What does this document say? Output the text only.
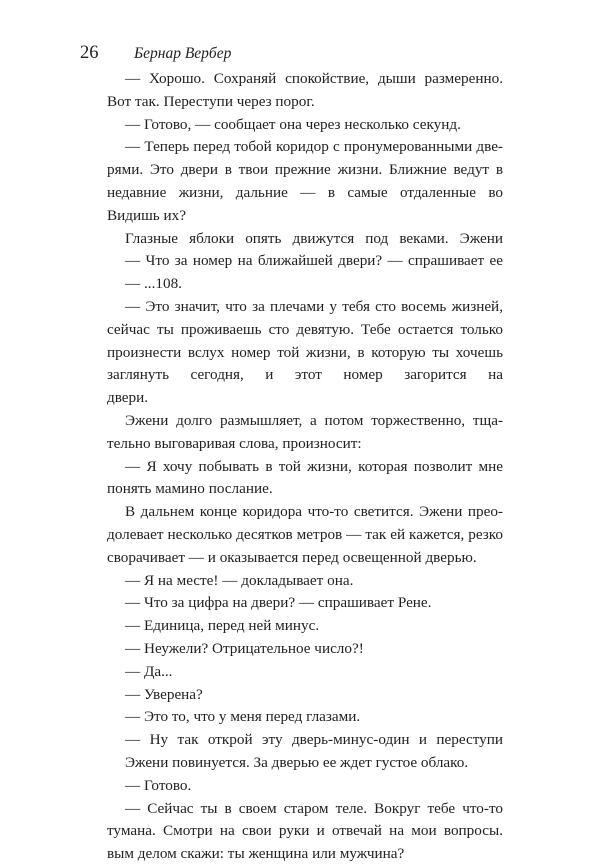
26 Бернар Вербер
— Хорошо. Сохраняй спокойствие, дыши размеренно.
Вот так. Переступи через порог.
— Готово, — сообщает она через несколько секунд.
— Теперь перед тобой коридор с пронумерованными две-
рями. Это двери в твои прежние жизни. Ближние ведут в
недавние жизни, дальние — в самые отдаленные во
Видишь их?
Глазные яблоки опять движутся под веками. Эжени
— Что за номер на ближайшей двери? — спрашивает ее
— ...108.
— Это значит, что за плечами у тебя сто восемь жизней,
сейчас ты проживаешь сто девятую. Тебе остается только
произнести вслух номер той жизни, в которую ты хочешь
заглянуть сегодня, и этот номер загорится на
двери.
Эжени долго размышляет, а потом торжественно, тща-
тельно выговаривая слова, произносит:
— Я хочу побывать в той жизни, которая позволит мне
понять мамино послание.
В дальнем конце коридора что-то светится. Эжени прео-
долевает несколько десятков метров — так ей кажется, резко
сворачивает — и оказывается перед освещенной дверью.
— Я на месте! — докладывает она.
— Что за цифра на двери? — спрашивает Рене.
— Единица, перед ней минус.
— Неужели? Отрицательное число?!
— Да...
— Уверена?
— Это то, что у меня перед глазами.
— Ну так открой эту дверь-минус-один и переступи
Эжени повинуется. За дверью ее ждет густое облако.
— Готово.
— Сейчас ты в своем старом теле. Вокруг тебе что-то
тумана. Смотри на свои руки и отвечай на мои вопросы.
вым делом скажи: ты женщина или мужчина?
